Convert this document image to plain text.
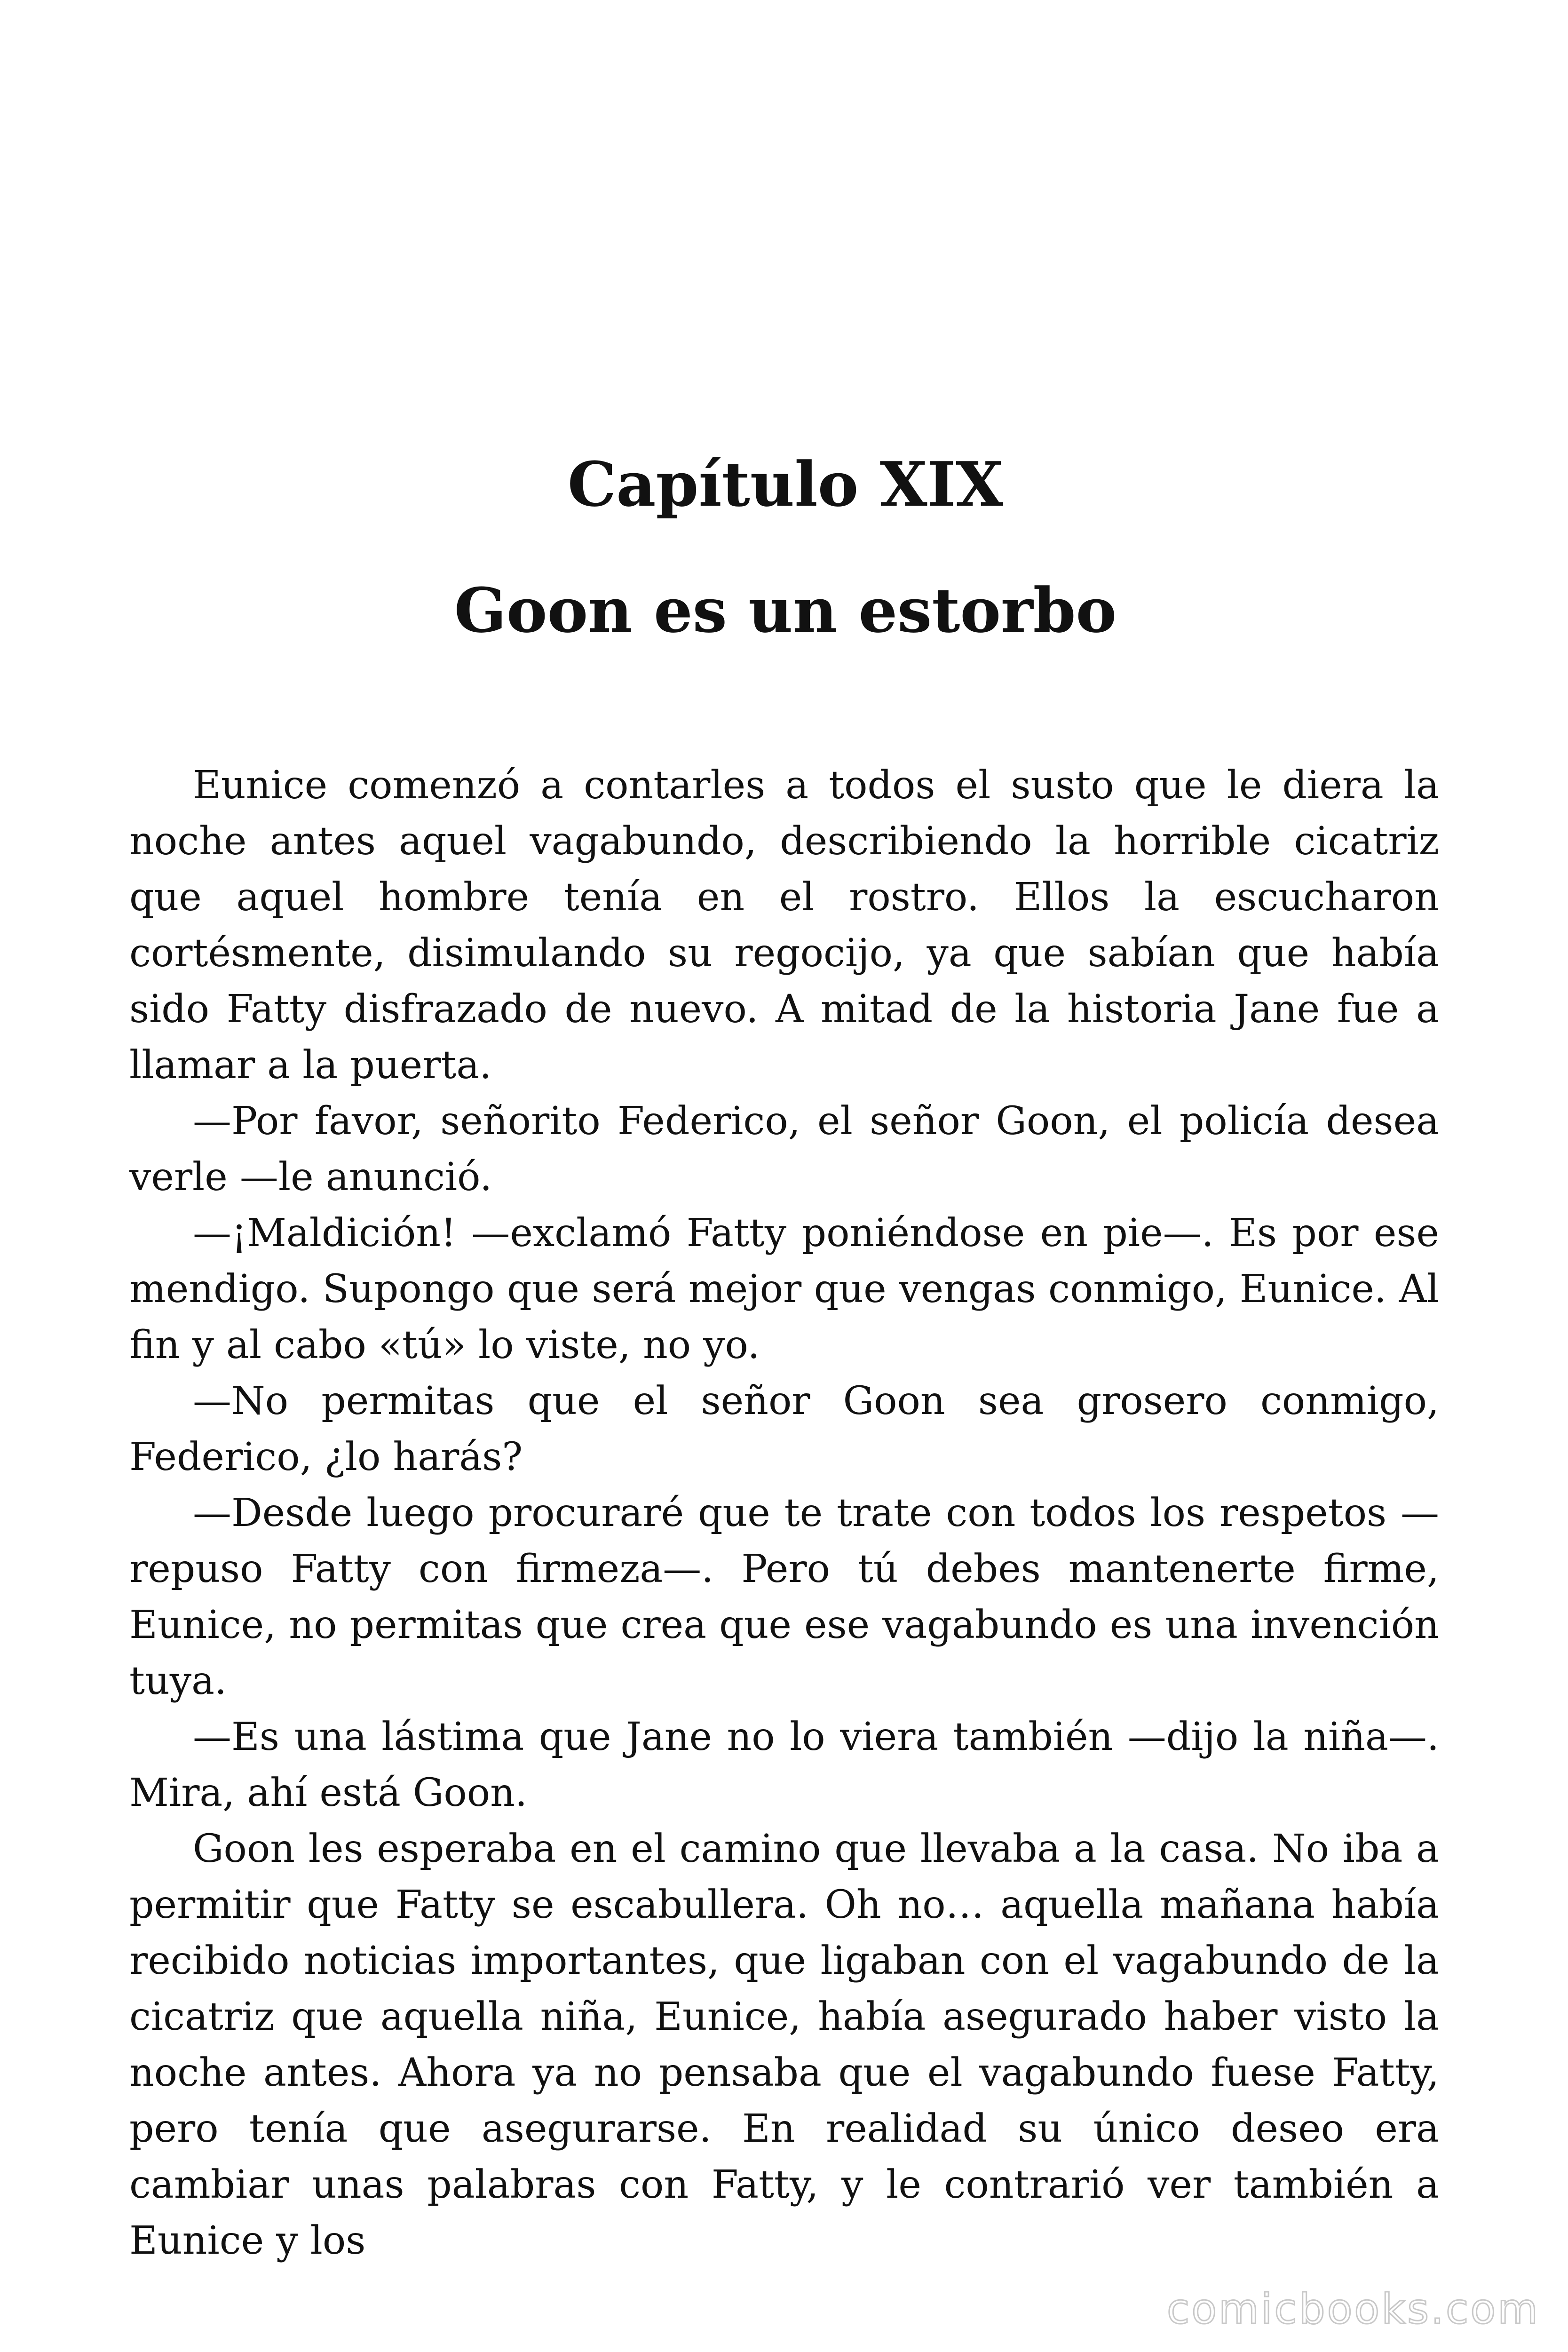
Capítulo XIX
Goon es un estorbo

Eunice comenzó a contarles a todos el susto que le diera la noche antes aquel vagabundo, describiendo la horrible cicatriz que aquel hombre tenía en el rostro. Ellos la escucharon cortésmente, disimulando su regocijo, ya que sabían que había sido Fatty disfrazado de nuevo. A mitad de la historia Jane fue a llamar a la puerta.

—Por favor, señorito Federico, el señor Goon, el policía desea verle —le anunció.

—¡Maldición! —exclamó Fatty poniéndose en pie—. Es por ese mendigo. Supongo que será mejor que vengas conmigo, Eunice. Al fin y al cabo «tú» lo viste, no yo.

—No permitas que el señor Goon sea grosero conmigo, Federico, ¿lo harás?

—Desde luego procuraré que te trate con todos los respetos — repuso Fatty con firmeza—. Pero tú debes mantenerte firme, Eunice, no permitas que crea que ese vagabundo es una invención tuya.

—Es una lástima que Jane no lo viera también —dijo la niña—. Mira, ahí está Goon.

Goon les esperaba en el camino que llevaba a la casa. No iba a permitir que Fatty se escabullera. Oh no… aquella mañana había recibido noticias importantes, que ligaban con el vagabundo de la cicatriz que aquella niña, Eunice, había asegurado haber visto la noche antes. Ahora ya no pensaba que el vagabundo fuese Fatty, pero tenía que asegurarse. En realidad su único deseo era cambiar unas palabras con Fatty, y le contrarió ver también a Eunice y los

comicbooks.com
